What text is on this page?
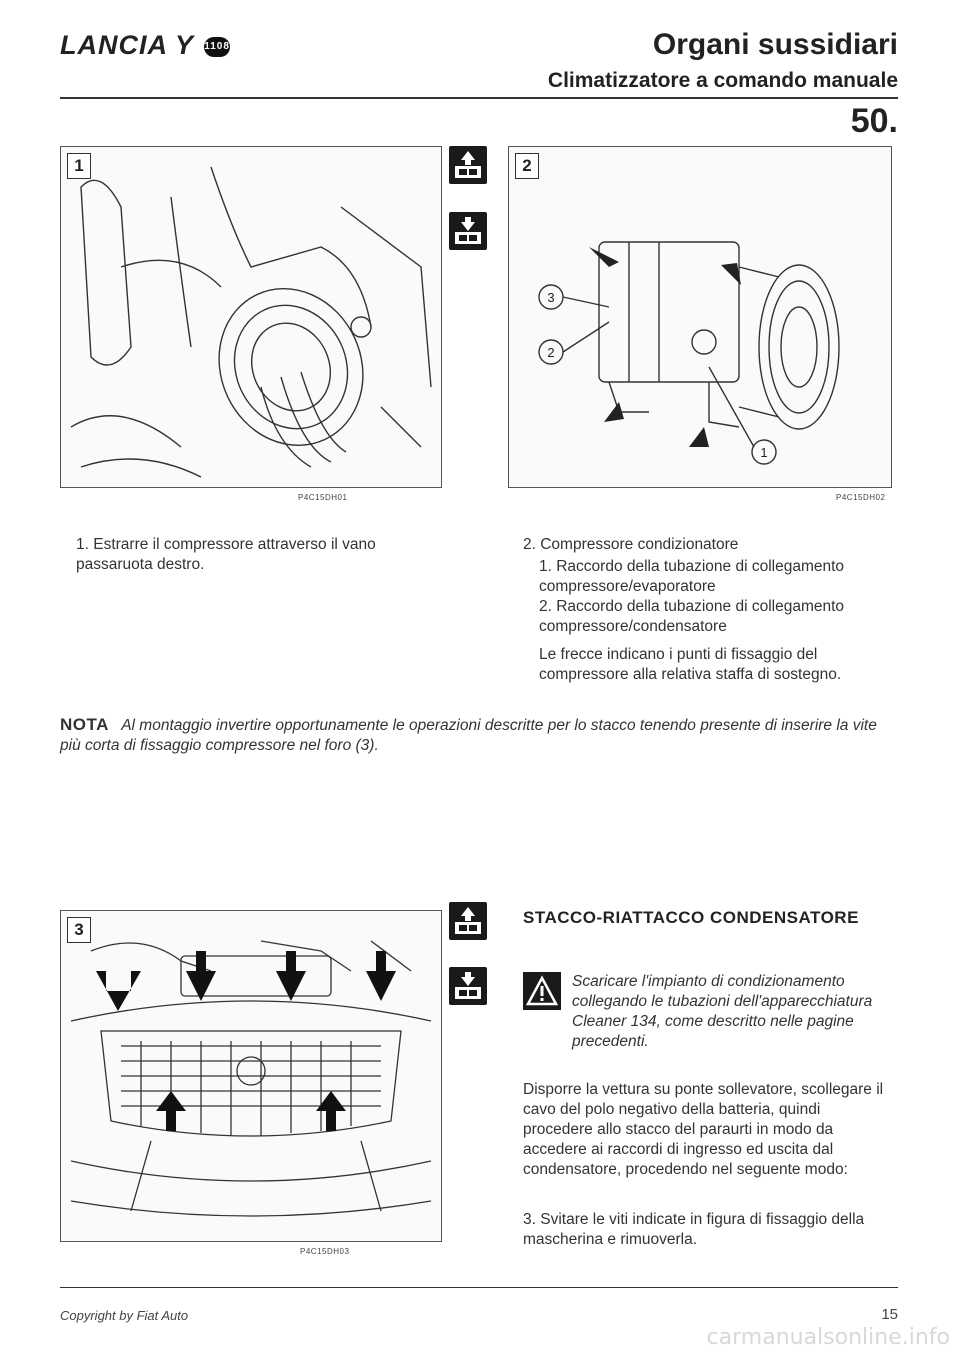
LANCIA Y 1108	Organi sussidiari
Climatizzatore a comando manuale
50.
1
P4C15DH01
3
2
1
2
P4C15DH02
1. Estrarre il compressore attraverso il vano passaruota destro.
2. Compressore condizionatore

1. Raccordo della tubazione di collegamento compressore/evaporatore

2. Raccordo della tubazione di collegamento compressore/condensatore

Le frecce indicano i punti di fissaggio del compressore alla relativa staffa di sostegno.
NOTA Al montaggio invertire opportunamente le operazioni descritte per lo stacco tenendo presente di inserire la vite più corta di fissaggio compressore nel foro (3).
3
P4C15DH03
STACCO-RIATTACCO CONDENSATORE
Scaricare l'impianto di condizionamento collegando le tubazioni dell'apparecchiatura Cleaner 134, come descritto nelle pagine precedenti.
Disporre la vettura su ponte sollevatore, scollegare il cavo del polo negativo della batteria, quindi procedere allo stacco del paraurti in modo da accedere ai raccordi di ingresso ed uscita dal condensatore, procedendo nel seguente modo:
3. Svitare le viti indicate in figura di fissaggio della mascherina e rimuoverla.
Copyright by Fiat Auto	15
carmanualsonline.info
